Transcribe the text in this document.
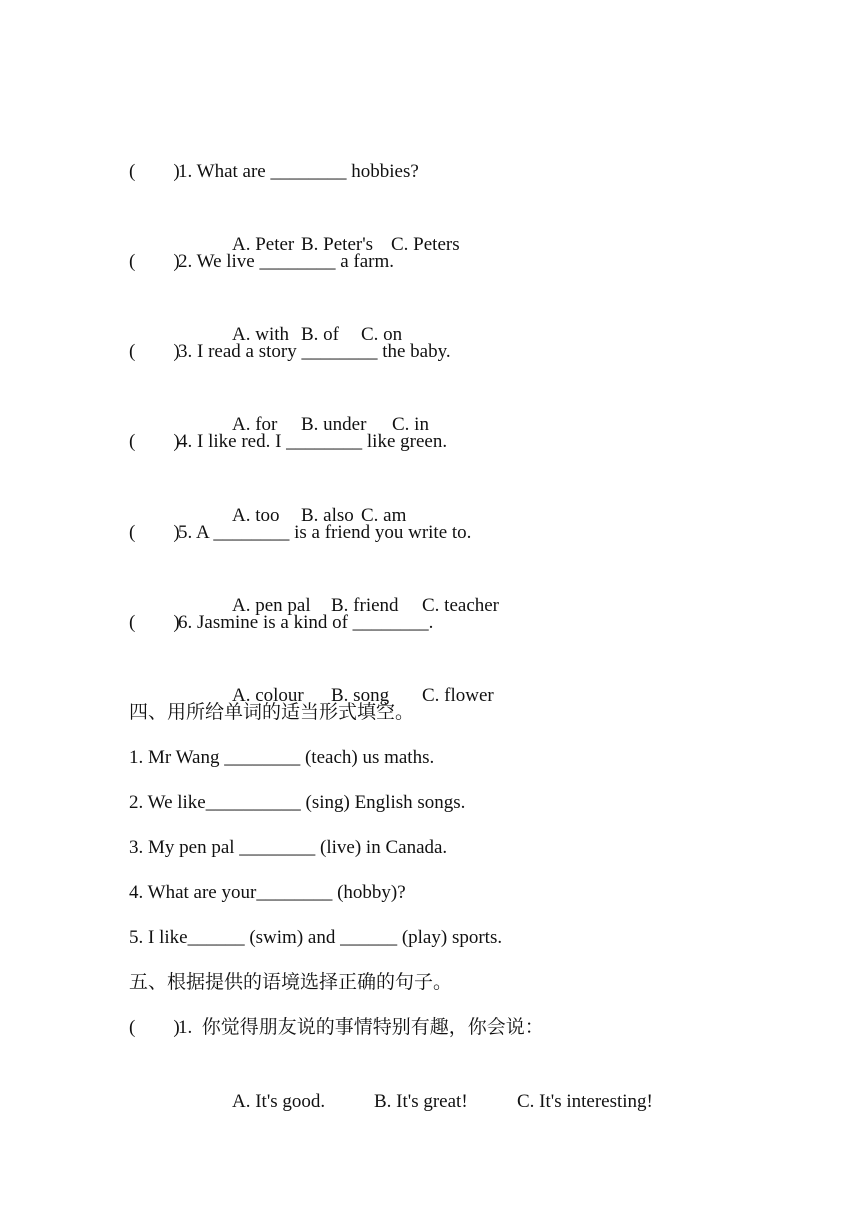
(        )
1. What are ________ hobbies?

A. Peter B. Peter's C. Peters

(        )
2. We live ________ a farm.

A. with B. of C. on

(        )
3. I read a story ________ the baby.

A. for B. under C. in

(        )
4. I like red. I ________ like green.

A. too B. also C. am

(        )
5. A ________ is a friend you write to.

A. pen pal B. friend C. teacher

(        )
6. Jasmine is a kind of ________.

A. colour B. song C. flower

四、用所给单词的适当形式填空。
1. Mr Wang ________ (teach) us maths.
2. We like__________ (sing) English songs.
3. My pen pal ________ (live) in Canada.
4. What are your________ (hobby)?
5. I like______ (swim) and ______ (play) sports.
五、根据提供的语境选择正确的句子。
(        )
1.  你觉得朋友说的事情特别有趣，你会说：

A. It's good.	B. It's great!	C. It's interesting!
